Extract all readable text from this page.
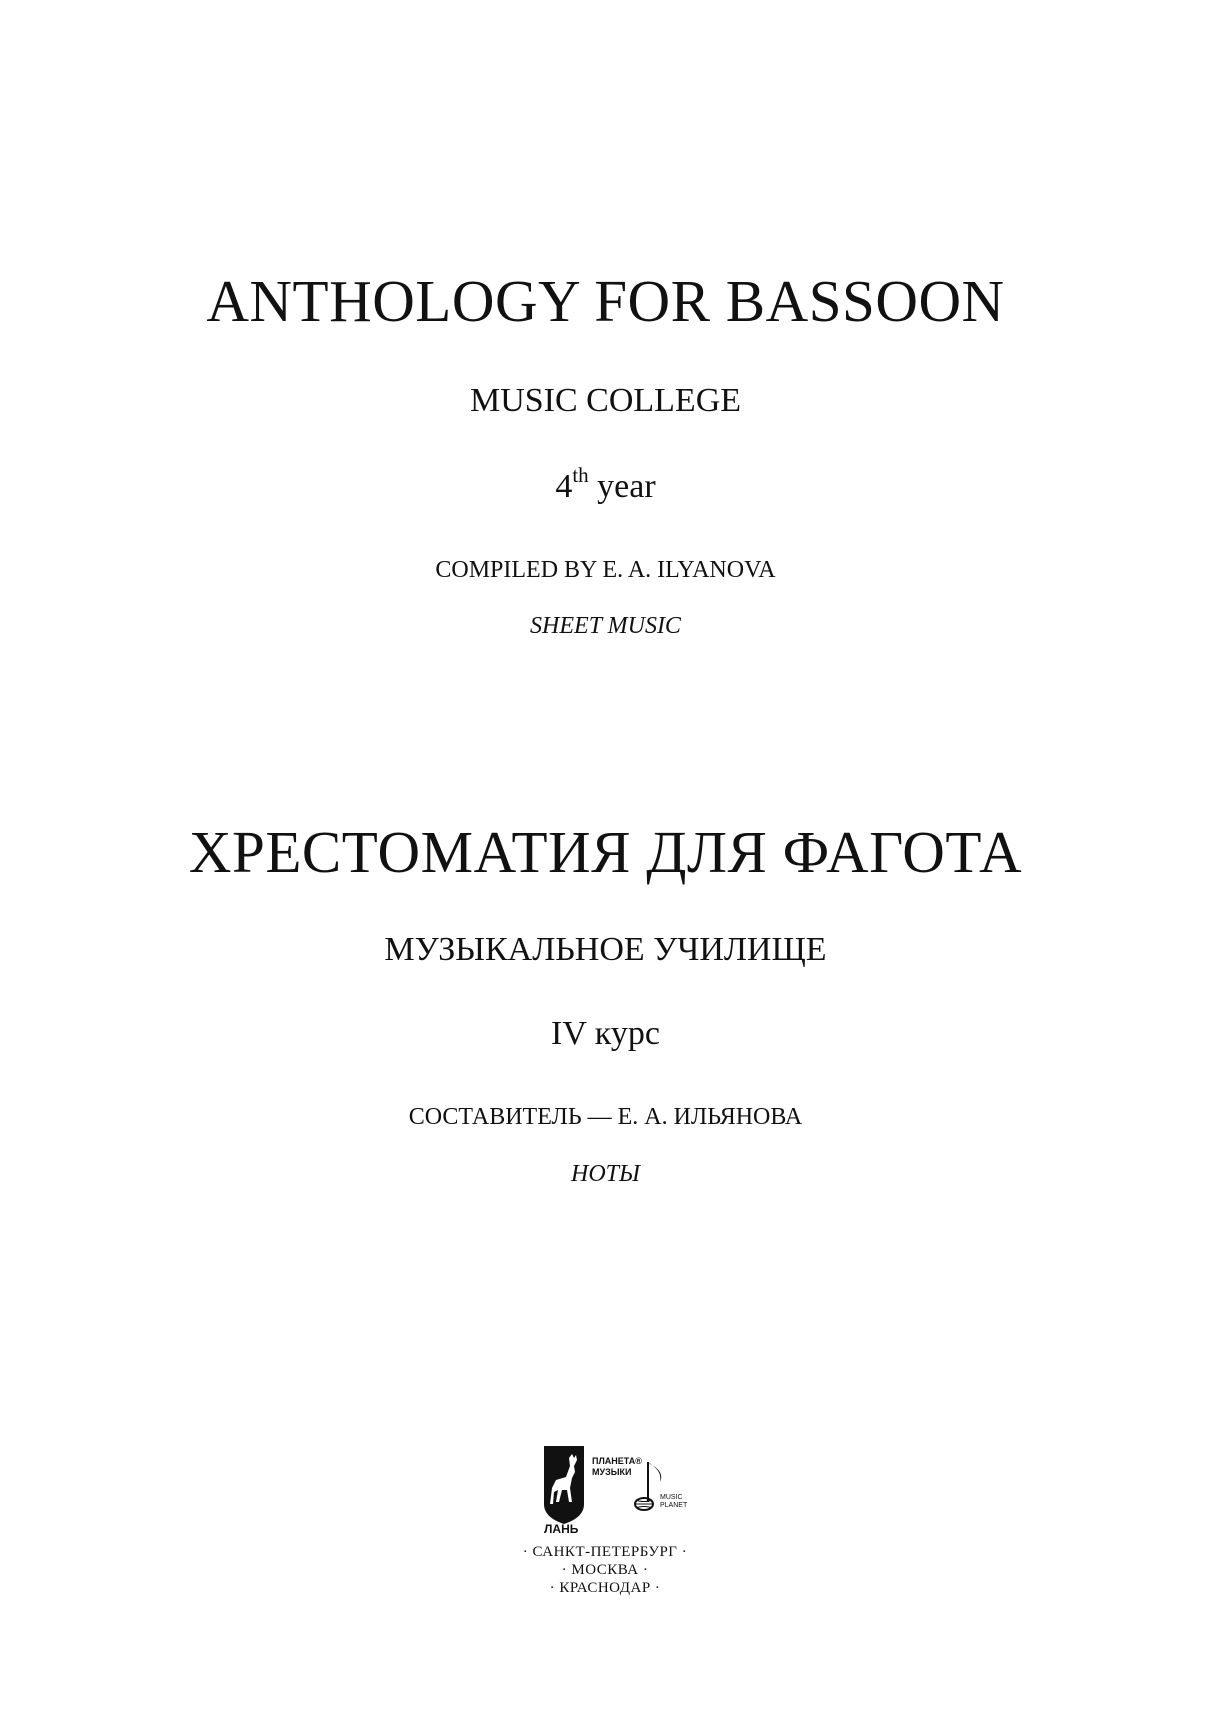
ANTHOLOGY FOR BASSOON
MUSIC COLLEGE
4th year
COMPILED BY E. A. ILYANOVA
SHEET MUSIC
ХРЕСТОМАТИЯ ДЛЯ ФАГОТА
МУЗЫКАЛЬНОЕ УЧИЛИЩЕ
IV курс
СОСТАВИТЕЛЬ — Е. А. ИЛЬЯНОВА
НОТЫ
ЛАНЬ
ПЛАНЕТА®
МУЗЫКИ
MUSIC
PLANET
· САНКТ-ПЕТЕРБУРГ ·
· МОСКВА ·
· КРАСНОДАР ·
